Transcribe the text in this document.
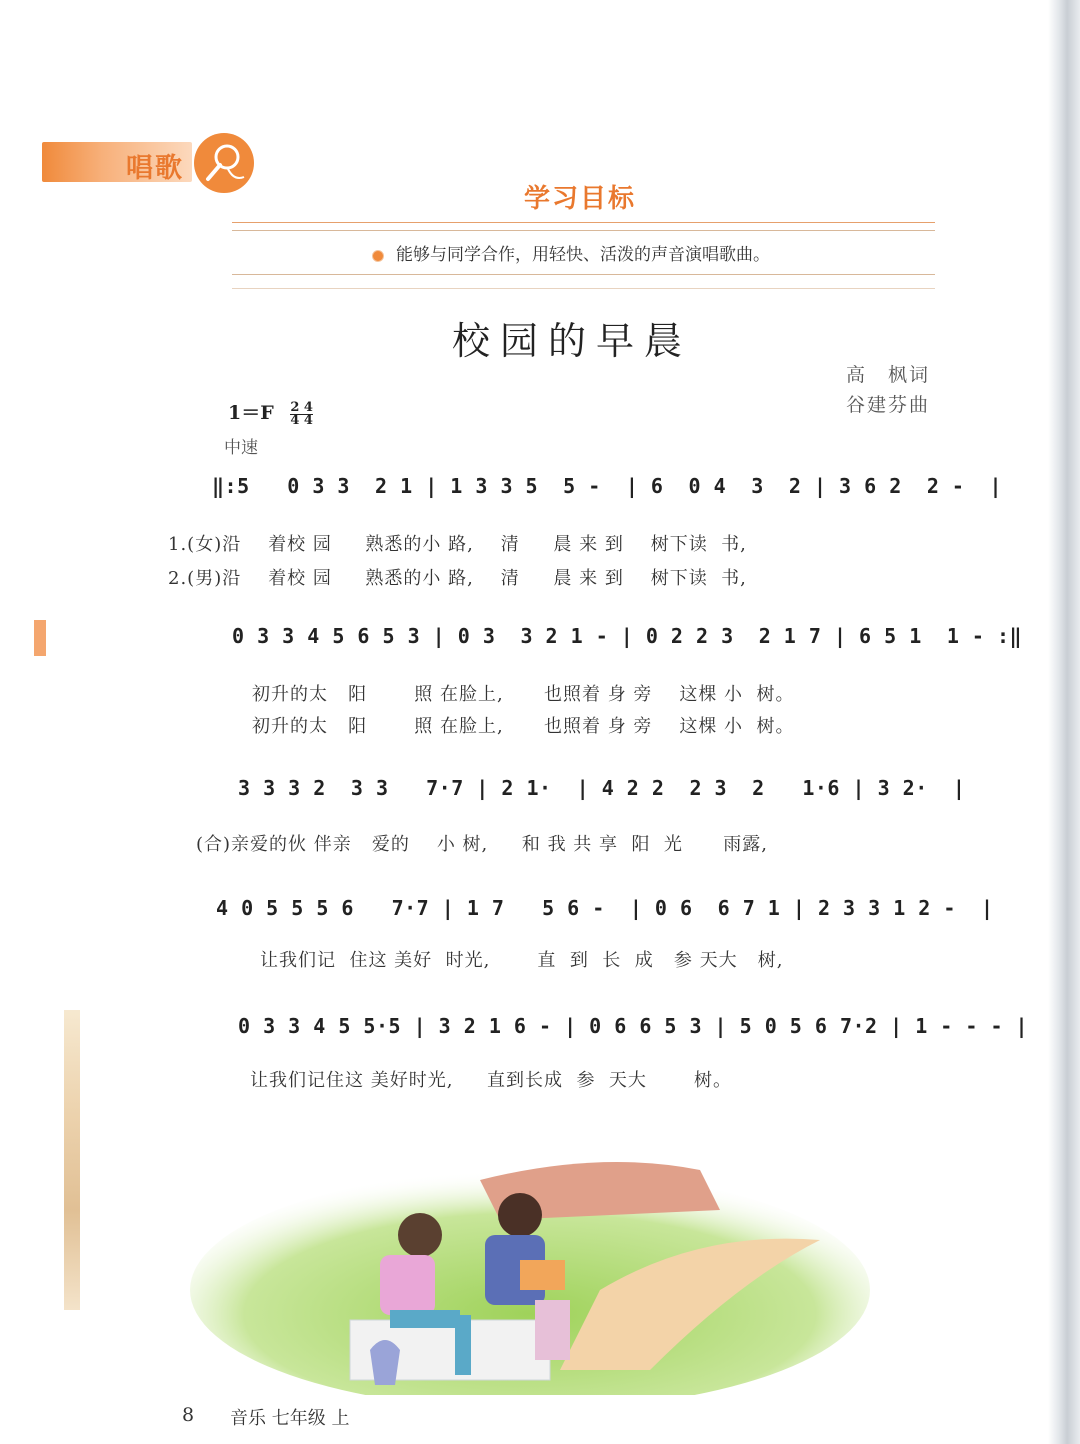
唱歌
学习目标
能够与同学合作，用轻快、活泼的声音演唱歌曲。
校园的早晨
高　枫词
谷建芬曲
$1=F \frac{2 4}{4 4}$
中速
‖:5   0 3 3  2 1 | 1 3 3 5  5 -  | 6  0 4  3  2 | 3 6 2  2 -  |
1.(女)沿    着校 园     熟悉的小 路,    清     晨 来 到    树下读  书,
2.(男)沿    着校 园     熟悉的小 路,    清     晨 来 到    树下读  书,
0 3 3 4 5 6 5 3 | 0 3  3 2 1 - | 0 2 2 3  2 1 7 | 6 5 1  1 - :‖
初升的太   阳       照 在脸上,      也照着 身 旁    这棵 小  树。
初升的太   阳       照 在脸上,      也照着 身 旁    这棵 小  树。
3 3 3 2  3 3   7·7 | 2 1·  | 4 2 2  2 3  2   1·6 | 3 2·  |
(合)亲爱的伙 伴亲   爱的    小 树,     和 我 共 享  阳  光      雨露,
4 0 5 5 5 6   7·7 | 1 7   5 6 -  | 0 6  6 7 1 | 2 3 3 1 2 -  |
让我们记  住这 美好  时光,       直  到  长  成   参 天大   树,
0 3 3 4 5 5·5 | 3 2 1 6 - | 0 6 6 5 3 | 5 0 5 6 7·2 | 1 - - - |
让我们记住这 美好时光,     直到长成  参  天大       树。
8 音乐 七年级 上
